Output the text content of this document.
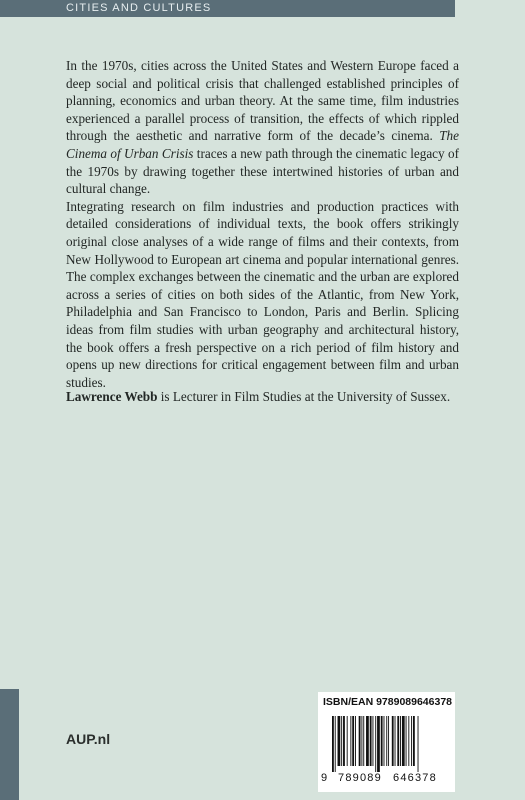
CITIES AND CULTURES

In the 1970s, cities across the United States and Western Europe faced a deep social and political crisis that challenged established principles of planning, economics and urban theory. At the same time, film industries experienced a parallel process of transition, the effects of which rippled through the aesthetic and narrative form of the decade’s cinema. The Cinema of Urban Crisis traces a new path through the cinematic legacy of the 1970s by drawing together these intertwined histories of urban and cultural change.

Integrating research on film industries and production practices with detailed considerations of individual texts, the book offers strikingly original close analyses of a wide range of films and their contexts, from New Hollywood to European art cinema and popular international genres. The complex exchanges between the cinematic and the urban are explored across a series of cities on both sides of the Atlantic, from New York, Philadelphia and San Francisco to London, Paris and Berlin. Splicing ideas from film studies with urban geography and architectural history, the book offers a fresh perspective on a rich period of film history and opens up new directions for critical engagement between film and urban studies.

Lawrence Webb is Lecturer in Film Studies at the University of Sussex.
AUP.nl
ISBN/EAN 9789089646378
9 789089 646378
